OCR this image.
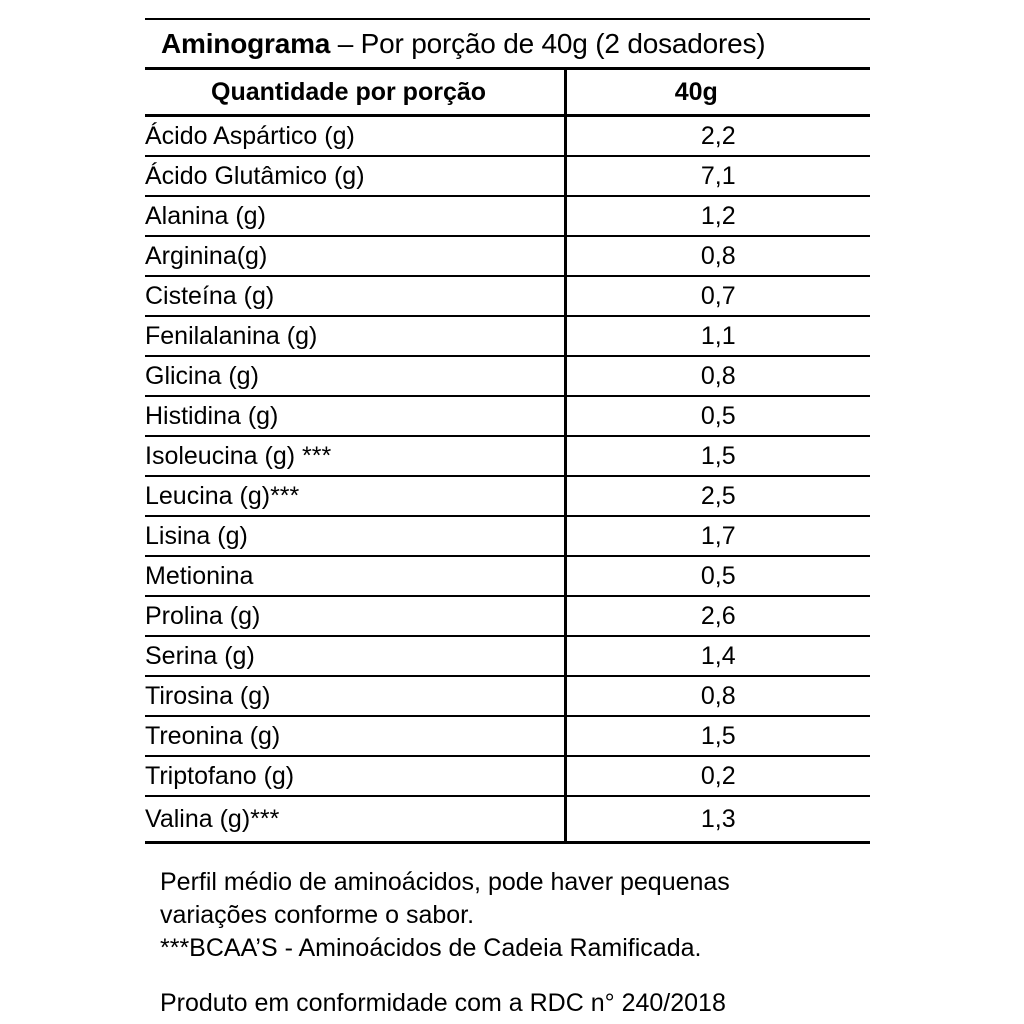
Aminograma – Por porção de 40g (2 dosadores)
Quantidade por porção	40g
Ácido Aspártico (g)	2,2
Ácido Glutâmico (g)	7,1
Alanina (g)	1,2
Arginina(g)	0,8
Cisteína (g)	0,7
Fenilalanina (g)	1,1
Glicina (g)	0,8
Histidina (g)	0,5
Isoleucina (g) ***	1,5
Leucina (g)***	2,5
Lisina (g)	1,7
Metionina	0,5
Prolina (g)	2,6
Serina (g)	1,4
Tirosina (g)	0,8
Treonina (g)	1,5
Triptofano (g)	0,2
Valina (g)***	1,3
Perfil médio de aminoácidos, pode haver pequenas
variações conforme o sabor.
***BCAA’S - Aminoácidos de Cadeia Ramificada.
Produto em conformidade com a RDC n° 240/2018
